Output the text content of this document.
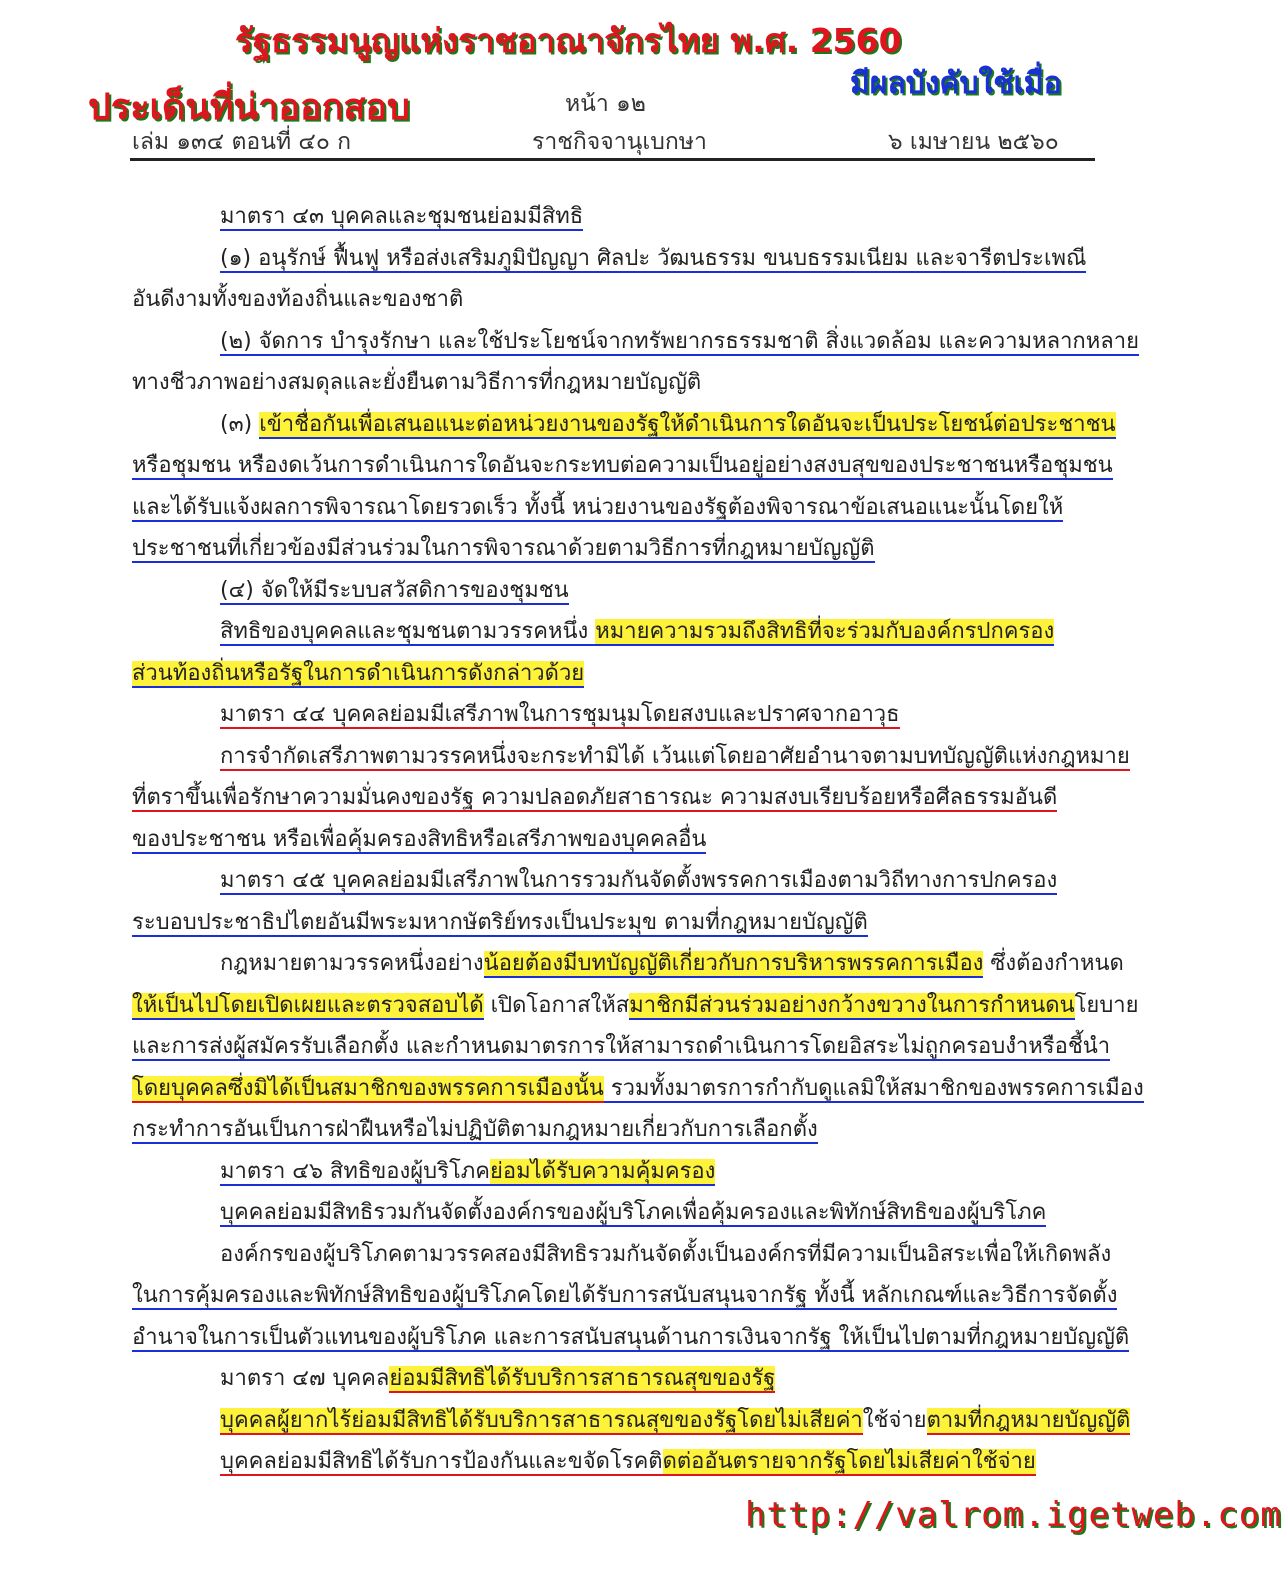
รัฐธรรมนูญแห่งราชอาณาจักรไทย พ.ศ. 2560
ประเด็นที่น่าออกสอบ
มีผลบังคับใช้เมื่อ
หน้า ๑๒
เล่ม ๑๓๔ ตอนที่ ๔๐ ก	ราชกิจจานุเบกษา	๖ เมษายน ๒๕๖๐
มาตรา ๔๓ บุคคลและชุมชนย่อมมีสิทธิ
(๑) อนุรักษ์ ฟื้นฟู หรือส่งเสริมภูมิปัญญา ศิลปะ วัฒนธรรม ขนบธรรมเนียม และจารีตประเพณี
อันดีงามทั้งของท้องถิ่นและของชาติ
(๒) จัดการ บำรุงรักษา และใช้ประโยชน์จากทรัพยากรธรรมชาติ สิ่งแวดล้อม และความหลากหลาย
ทางชีวภาพอย่างสมดุลและยั่งยืนตามวิธีการที่กฎหมายบัญญัติ
(๓) เข้าชื่อกันเพื่อเสนอแนะต่อหน่วยงานของรัฐให้ดำเนินการใดอันจะเป็นประโยชน์ต่อประชาชน
หรือชุมชน หรืองดเว้นการดำเนินการใดอันจะกระทบต่อความเป็นอยู่อย่างสงบสุขของประชาชนหรือชุมชน
และได้รับแจ้งผลการพิจารณาโดยรวดเร็ว ทั้งนี้ หน่วยงานของรัฐต้องพิจารณาข้อเสนอแนะนั้นโดยให้
ประชาชนที่เกี่ยวข้องมีส่วนร่วมในการพิจารณาด้วยตามวิธีการที่กฎหมายบัญญัติ
(๔) จัดให้มีระบบสวัสดิการของชุมชน
สิทธิของบุคคลและชุมชนตามวรรคหนึ่ง หมายความรวมถึงสิทธิที่จะร่วมกับองค์กรปกครอง
ส่วนท้องถิ่นหรือรัฐในการดำเนินการดังกล่าวด้วย
มาตรา ๔๔ บุคคลย่อมมีเสรีภาพในการชุมนุมโดยสงบและปราศจากอาวุธ
การจำกัดเสรีภาพตามวรรคหนึ่งจะกระทำมิได้ เว้นแต่โดยอาศัยอำนาจตามบทบัญญัติแห่งกฎหมาย
ที่ตราขึ้นเพื่อรักษาความมั่นคงของรัฐ ความปลอดภัยสาธารณะ ความสงบเรียบร้อยหรือศีลธรรมอันดี
ของประชาชน หรือเพื่อคุ้มครองสิทธิหรือเสรีภาพของบุคคลอื่น
มาตรา ๔๕ บุคคลย่อมมีเสรีภาพในการรวมกันจัดตั้งพรรคการเมืองตามวิถีทางการปกครอง
ระบอบประชาธิปไตยอันมีพระมหากษัตริย์ทรงเป็นประมุข ตามที่กฎหมายบัญญัติ
กฎหมายตามวรรคหนึ่งอย่างน้อยต้องมีบทบัญญัติเกี่ยวกับการบริหารพรรคการเมือง ซึ่งต้องกำหนด
ให้เป็นไปโดยเปิดเผยและตรวจสอบได้ เปิดโอกาสให้สมาชิกมีส่วนร่วมอย่างกว้างขวางในการกำหนดนโยบาย
และการส่งผู้สมัครรับเลือกตั้ง และกำหนดมาตรการให้สามารถดำเนินการโดยอิสระไม่ถูกครอบงำหรือชี้นำ
โดยบุคคลซึ่งมิได้เป็นสมาชิกของพรรคการเมืองนั้น รวมทั้งมาตรการกำกับดูแลมิให้สมาชิกของพรรคการเมือง
กระทำการอันเป็นการฝ่าฝืนหรือไม่ปฏิบัติตามกฎหมายเกี่ยวกับการเลือกตั้ง
มาตรา ๔๖ สิทธิของผู้บริโภคย่อมได้รับความคุ้มครอง
บุคคลย่อมมีสิทธิรวมกันจัดตั้งองค์กรของผู้บริโภคเพื่อคุ้มครองและพิทักษ์สิทธิของผู้บริโภค
องค์กรของผู้บริโภคตามวรรคสองมีสิทธิรวมกันจัดตั้งเป็นองค์กรที่มีความเป็นอิสระเพื่อให้เกิดพลัง
ในการคุ้มครองและพิทักษ์สิทธิของผู้บริโภคโดยได้รับการสนับสนุนจากรัฐ ทั้งนี้ หลักเกณฑ์และวิธีการจัดตั้ง
อำนาจในการเป็นตัวแทนของผู้บริโภค และการสนับสนุนด้านการเงินจากรัฐ ให้เป็นไปตามที่กฎหมายบัญญัติ
มาตรา ๔๗ บุคคลย่อมมีสิทธิได้รับบริการสาธารณสุขของรัฐ
บุคคลผู้ยากไร้ย่อมมีสิทธิได้รับบริการสาธารณสุขของรัฐโดยไม่เสียค่าใช้จ่ายตามที่กฎหมายบัญญัติ
บุคคลย่อมมีสิทธิได้รับการป้องกันและขจัดโรคติดต่ออันตรายจากรัฐโดยไม่เสียค่าใช้จ่าย
http://valrom.igetweb.com
